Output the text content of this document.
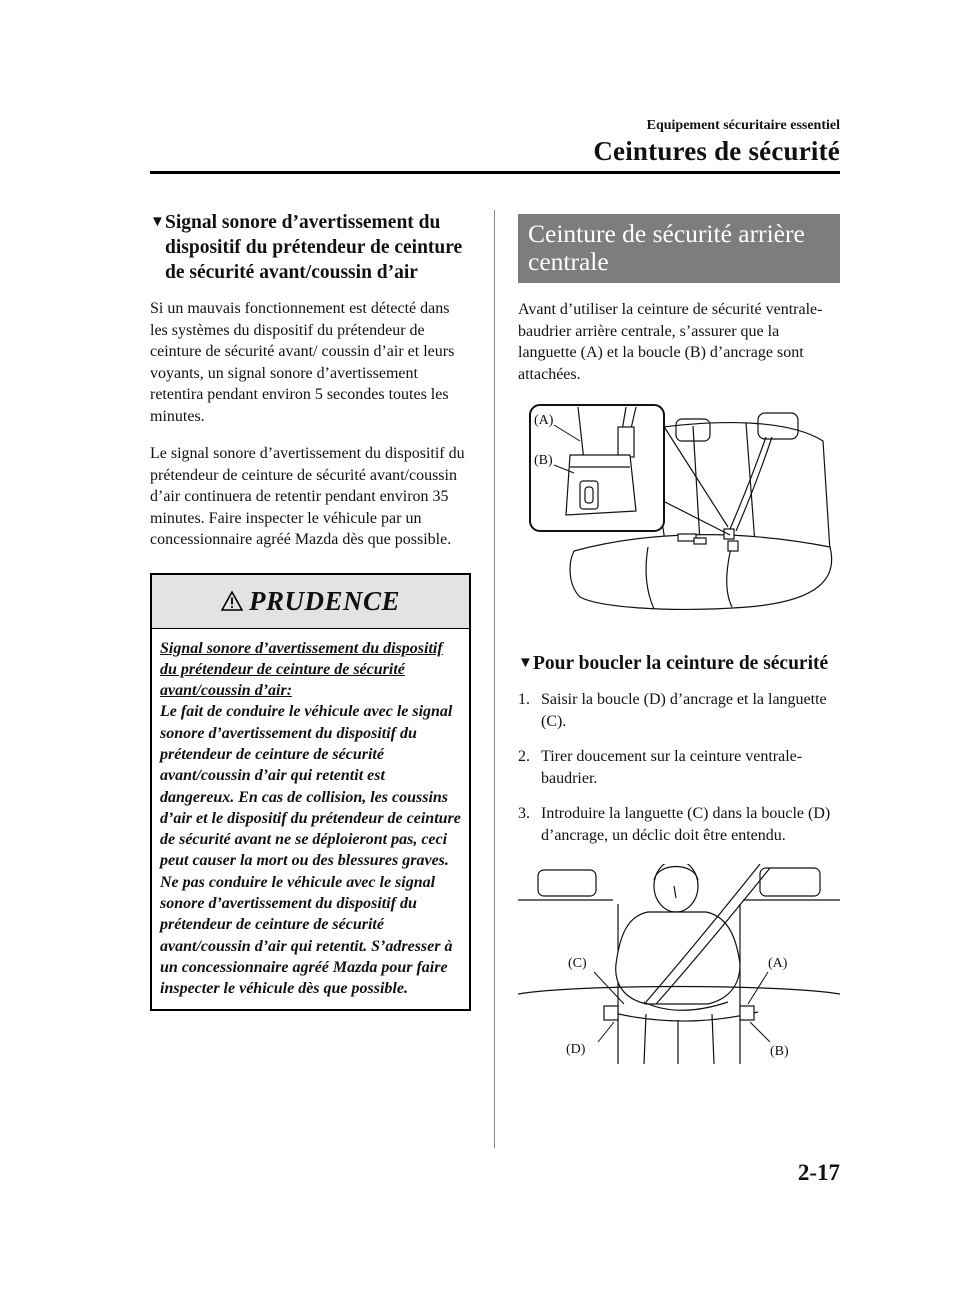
Equipement sécuritaire essentiel
Ceintures de sécurité
▼ Signal sonore d’avertissement du dispositif du prétendeur de ceinture de sécurité avant/coussin d’air

Si un mauvais fonctionnement est détecté dans les systèmes du dispositif du prétendeur de ceinture de sécurité avant/ coussin d’air et leurs voyants, un signal sonore d’avertissement retentira pendant environ 5 secondes toutes les minutes.

Le signal sonore d’avertissement du dispositif du prétendeur de ceinture de sécurité avant/coussin d’air continuera de retentir pendant environ 35 minutes. Faire inspecter le véhicule par un concessionnaire agréé Mazda dès que possible.

PRUDENCE
Signal sonore d’avertissement du dispositif du prétendeur de ceinture de sécurité avant/coussin d’air:
Le fait de conduire le véhicule avec le signal sonore d’avertissement du dispositif du prétendeur de ceinture de sécurité avant/coussin d’air qui retentit est dangereux. En cas de collision, les coussins d’air et le dispositif du prétendeur de ceinture de sécurité avant ne se déploieront pas, ceci peut causer la mort ou des blessures graves.
Ne pas conduire le véhicule avec le signal sonore d’avertissement du dispositif du prétendeur de ceinture de sécurité avant/coussin d’air qui retentit. S’adresser à un concessionnaire agréé Mazda pour faire inspecter le véhicule dès que possible.
Ceinture de sécurité arrière centrale

Avant d’utiliser la ceinture de sécurité ventrale-baudrier arrière centrale, s’assurer que la languette (A) et la boucle (B) d’ancrage sont attachées.

(A)
(B)
▼ Pour boucler la ceinture de sécurité
1. Saisir la boucle (D) d’ancrage et la languette (C).
2. Tirer doucement sur la ceinture ventrale-baudrier.
3. Introduire la languette (C) dans la boucle (D) d’ancrage, un déclic doit être entendu.
(C)	(A)
(D)	(B)
2-17
